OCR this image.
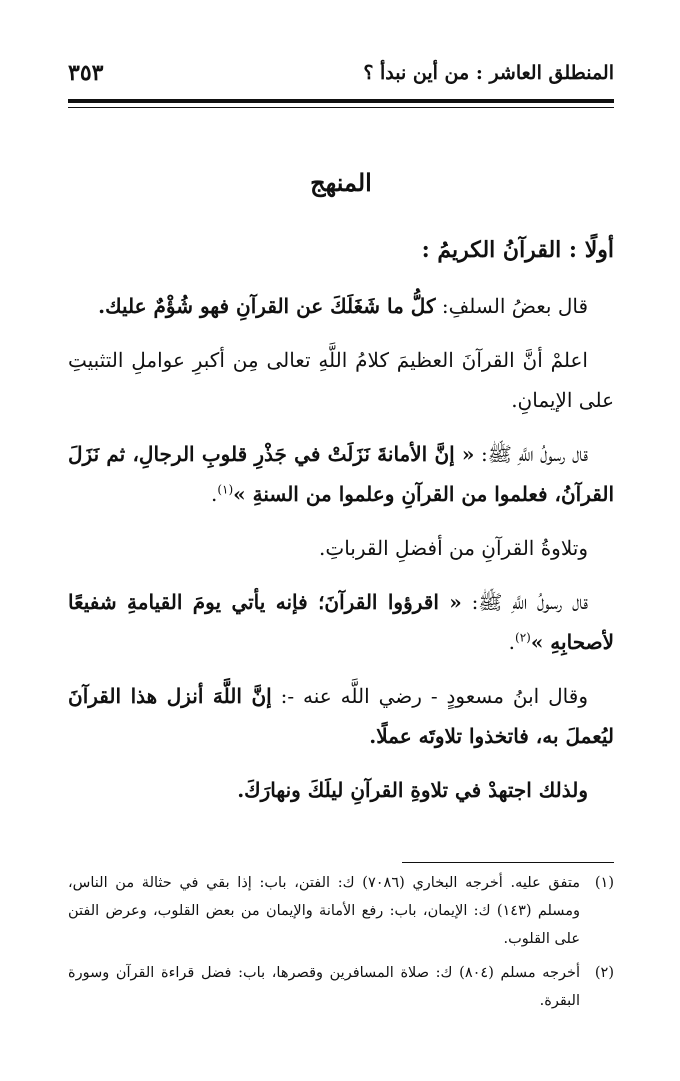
المنطلق العاشر : من أين نبدأ ؟
٣٥٣
المنهج
أولًا : القرآنُ الكريمُ :

قال بعضُ السلفِ: كلُّ ما شَغَلَكَ عن القرآنِ فهو شُؤْمٌ عليك.

اعلمْ أنَّ القرآنَ العظيمَ كلامُ اللَّهِ تعالى مِن أكبرِ عواملِ التثبيتِ على الإيمانِ.

قال رسولُ اللَّهِ ﷺ: « إنَّ الأمانةَ نَزَلَتْ في جَذْرِ قلوبِ الرجالِ، ثم نَزَلَ القرآنُ، فعلموا من القرآنِ وعلموا من السنةِ »$^{(١)}$.

وتلاوةُ القرآنِ من أفضلِ القرباتِ.

قال رسولُ اللَّهِ ﷺ: « اقرؤوا القرآنَ؛ فإنه يأتي يومَ القيامةِ شفيعًا لأصحابِهِ »$^{(٢)}$.

وقال ابنُ مسعودٍ - رضي اللَّه عنه -: إنَّ اللَّهَ أنزل هذا القرآنَ ليُعملَ به، فاتخذوا تلاوتَه عملًا.

ولذلك اجتهدْ في تلاوةِ القرآنِ ليلَكَ ونهارَكَ.

(١)
متفق عليه. أخرجه البخاري (٧٠٨٦) ك: الفتن، باب: إذا بقي في حثالة من الناس، ومسلم (١٤٣) ك: الإيمان، باب: رفع الأمانة والإيمان من بعض القلوب، وعرض الفتن على القلوب.
(٢)
أخرجه مسلم (٨٠٤) ك: صلاة المسافرين وقصرها، باب: فضل قراءة القرآن وسورة البقرة.
